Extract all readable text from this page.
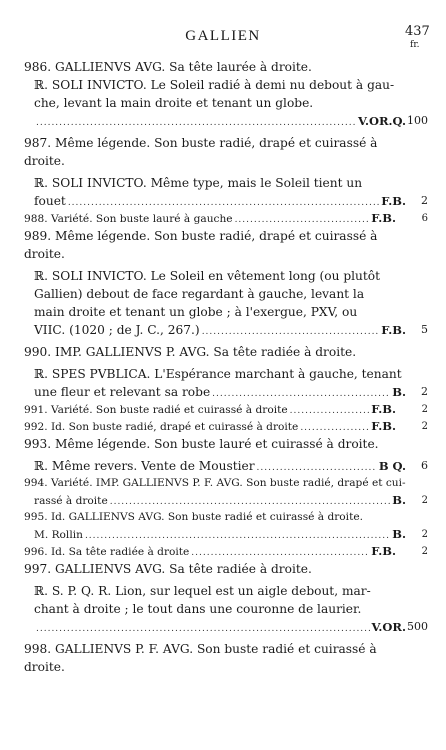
GALLIEN	437
fr.
986. GALLIENVS AVG. Sa tête laurée à droite.
ℝ. SOLI INVICTO. Le Soleil radié à demi nu debout à gau-
che, levant la main droite et tenant un globe.
.....
V.OR.Q. 100
987. Même légende. Son buste radié, drapé et cuirassé à
droite.
ℝ. SOLI INVICTO. Même type, mais le Soleil tient un
fouet .....	F.B. 2
988. Variété. Son buste lauré à gauche .....	F.B.	6
989. Même légende. Son buste radié, drapé et cuirassé à
droite.
ℝ. SOLI INVICTO. Le Soleil en vêtement long (ou plutôt
Gallien) debout de face regardant à gauche, levant la
main droite et tenant un globe ; à l'exergue, PXV, ou
VIIC. (1020 ; de J. C., 267.) .....	F.B. 5
990. IMP. GALLIENVS P. AVG. Sa tête radiée à droite.
ℝ. SPES PVBLICA. L'Espérance marchant à gauche, tenant
une fleur et relevant sa robe .....	B. 2
991. Variété. Son buste radié et cuirassé à droite .....	F.B.	2
992. Id. Son buste radié, drapé et cuirassé à droite .....	F.B.	2
993. Même légende. Son buste lauré et cuirassé à droite.
ℝ. Même revers. Vente de Moustier .....	B Q. 6
994. Variété. IMP. GALLIENVS P. F. AVG. Son buste radié, drapé et cui-
rassé à droite .....	B. 2
995. Id. GALLIENVS AVG. Son buste radié et cuirassé à droite.
M. Rollin .....	B. 2
996. Id. Sa tête radiée à droite .....	F.B.	2
997. GALLIENVS AVG. Sa tête radiée à droite.
ℝ. S. P. Q. R. Lion, sur lequel est un aigle debout, mar-
chant à droite ; le tout dans une couronne de laurier.
.....
V.OR. 500
998. GALLIENVS P. F. AVG. Son buste radié et cuirassé à
droite.
